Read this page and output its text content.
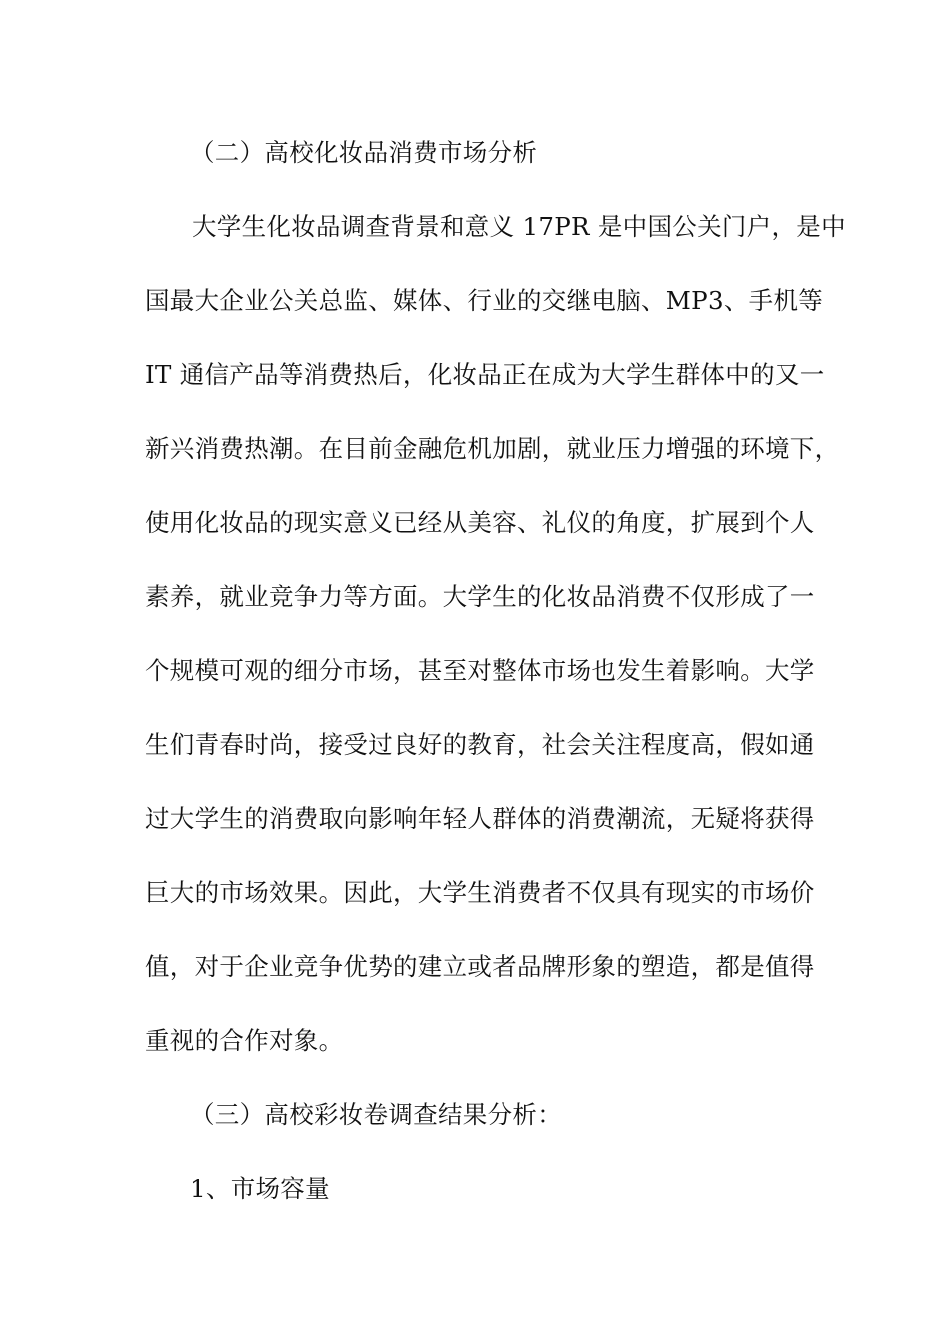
（二）高校化妆品消费市场分析
大学生化妆品调查背景和意义 17PR 是中国公关门户，是中
国最大企业公关总监、媒体、行业的交继电脑、MP3、手机等
IT 通信产品等消费热后，化妆品正在成为大学生群体中的又一
新兴消费热潮。在目前金融危机加剧，就业压力增强的环境下，
使用化妆品的现实意义已经从美容、礼仪的角度，扩展到个人
素养，就业竞争力等方面。大学生的化妆品消费不仅形成了一
个规模可观的细分市场，甚至对整体市场也发生着影响。大学
生们青春时尚，接受过良好的教育，社会关注程度高，假如通
过大学生的消费取向影响年轻人群体的消费潮流，无疑将获得
巨大的市场效果。因此，大学生消费者不仅具有现实的市场价
值，对于企业竞争优势的建立或者品牌形象的塑造，都是值得
重视的合作对象。
（三）高校彩妆卷调查结果分析：
1、市场容量
